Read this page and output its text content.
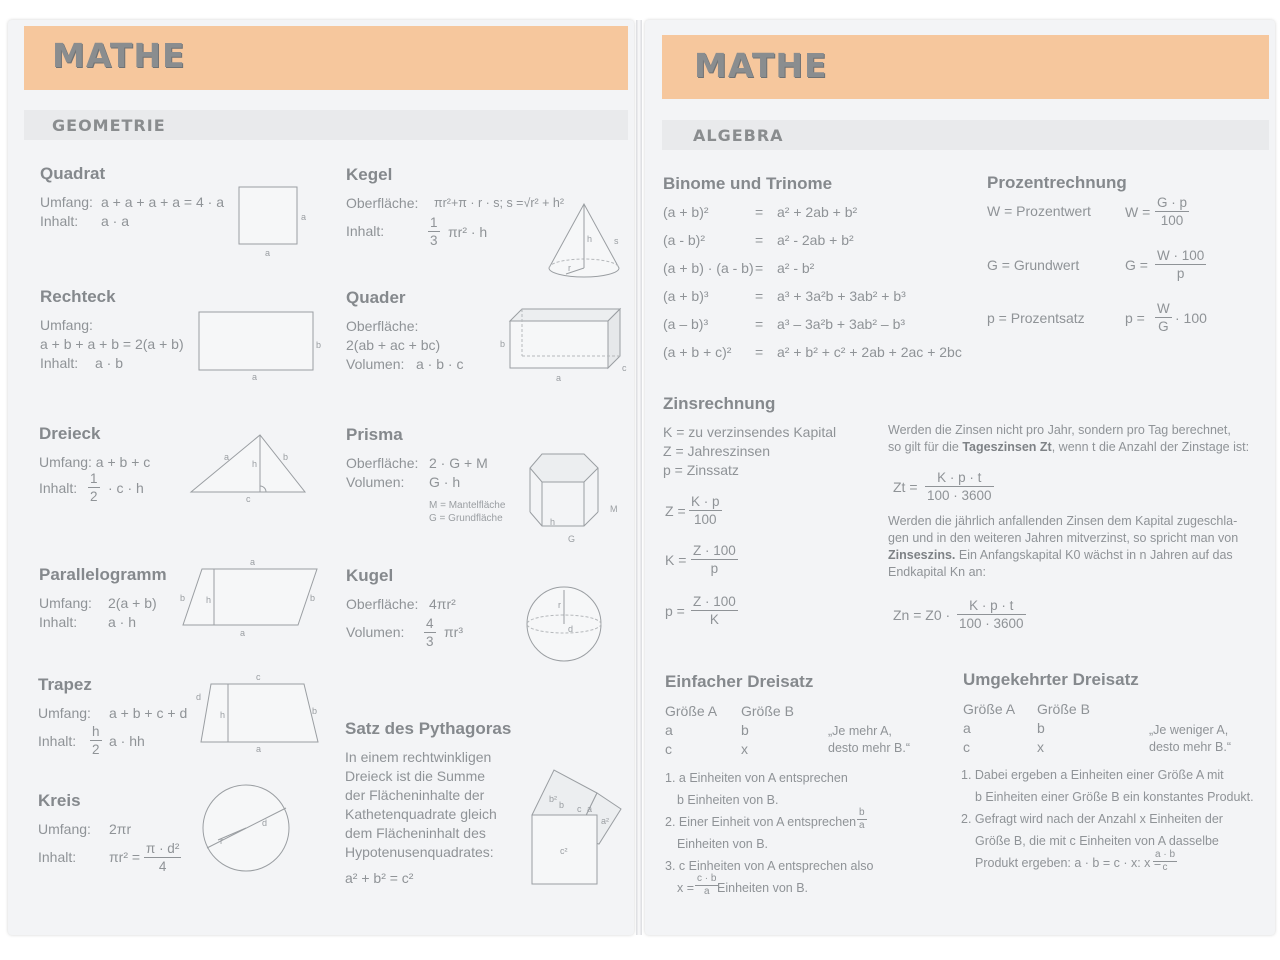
MATHE
GEOMETRIE
Quadrat
Umfang: a + a + a + a = 4 · a
Inhalt: a · a	a
a
Rechteck
Umfang:
a + b + a + b = 2(a + b)
Inhalt: a · b
b
a
Dreieck
Umfang: a + b + c
Inhalt: $\frac{1}{2} \cdot c \cdot h$
a	b
h
c
Parallelogramm
Umfang: 2(a + b)
Inhalt: a · h
a
b h	b
a
Trapez
Umfang: a + b + c + d
Inhalt: $\frac{h}{2}$ a · hh
c
d
h	b
a
Kreis
Umfang: 2πr
Inhalt: $\pi r^2 = \frac{\text{π · d²}}{4}$	r
d
Kegel
Oberfläche: πr²+π · r · s; s =√r² + h²
Inhalt:	$\frac{1}{3} \pi r^2 \cdot h$
s
h
r
Quader
Oberfläche:
2(ab + ac + bc)
Volumen: a · b · c
b
a
c
Prisma
Oberfläche: 2 · G + M
Volumen: G · h
M = Mantelfläche
G = Grundfläche
M
h
G
Kugel
Oberfläche: 4πr²
Volumen: $\frac{4}{3} \pi r^3$
r
d
Satz des Pythagoras
In einem rechtwinkligen
Dreieck ist die Summe
der Flächeninhalte der
Kathetenquadrate gleich
dem Flächeninhalt des
Hypotenusenquadrates:
a² + b² = c²
b²
a²
c²
b	a
c
MATHE
ALGEBRA
Binome und Trinome
(a + b)²	= a² + 2ab + b²
(a - b)²	= a² - 2ab + b²
(a + b) · (a - b) = a² - b²
(a + b)³	= a³ + 3a²b + 3ab² + b³
(a – b)³	= a³ – 3a²b + 3ab² – b³
(a + b + c)² = a² + b² + c² + 2ab + 2ac + 2bc
Prozentrechnung
W = Prozentwert $W = \frac{G \cdot p}{100}$
G = Grundwert	$G = \frac{W \cdot 100}{p}$
p = Prozentsatz	$p = \frac{W}{G} \cdot 100$
Zinsrechnung
K = zu verzinsendes Kapital
Z = Jahreszinsen
p = Zinssatz
$Z = \frac{K \cdot p}{100}$
$K = \frac{Z \cdot 100}{p}$
$p = \frac{Z \cdot 100}{K}$
Werden die Zinsen nicht pro Jahr, sondern pro Tag berechnet,
so gilt für die Tageszinsen Zt, wenn t die Anzahl der Zinstage ist:
$Zt = \frac{K \cdot p \cdot t}{100 \cdot 3600}$
Werden die jährlich anfallenden Zinsen dem Kapital zugeschla-
gen und in den weiteren Jahren mitverzinst, so spricht man von
Zinseszins. Ein Anfangskapital K0 wächst in n Jahren auf das
Endkapital Kn an:
$Zn = Z0 \cdot \frac{K \cdot p \cdot t}{100 \cdot 3600}$
Einfacher Dreisatz
Größe A Größe B
a	b
c	x
„Je mehr A,
desto mehr B.“
1. a Einheiten von A entsprechen
b Einheiten von B.
2. Einer Einheit von A entsprechen $\frac{b}{a}$
Einheiten von B.
3. c Einheiten von A entsprechen also
$x = \frac{c \cdot b}{a}$
Einheiten von B.
Umgekehrter Dreisatz
Größe A Größe B
a	b
c	x
„Je weniger A,
desto mehr B.“
1. Dabei ergeben a Einheiten einer Größe A mit
b Einheiten einer Größe B ein konstantes Produkt.
2. Gefragt wird nach der Anzahl x Einheiten der
Größe B, die mit c Einheiten von A dasselbe
Produkt ergeben: a · b = c · x: x =
$\frac{a \cdot b}{c}$
